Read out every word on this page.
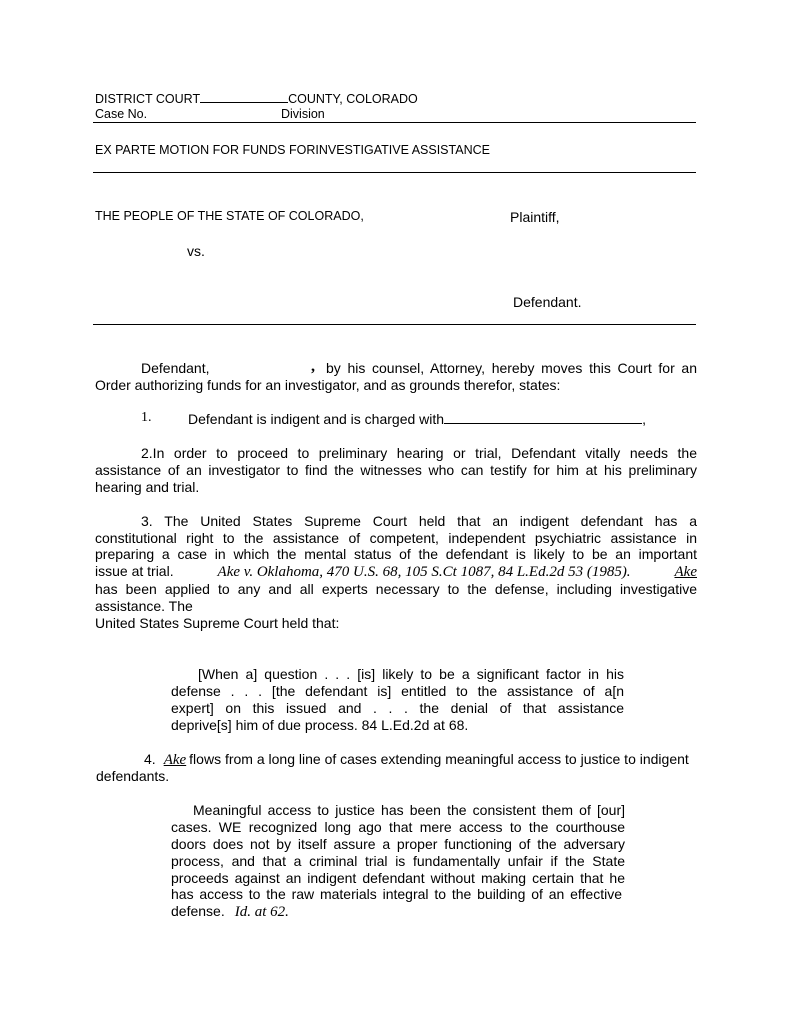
DISTRICT COURT	COUNTY, COLORADO
Case No.	Division
EX PARTE MOTION FOR FUNDS FORINVESTIGATIVE ASSISTANCE
THE PEOPLE OF THE STATE OF COLORADO,	Plaintiff,
vs.
Defendant.
Defendant,	, by his counsel, Attorney, hereby moves this Court for an
Order authorizing funds for an investigator, and as grounds therefor, states:
1.	Defendant is indigent and is charged with	,
2.In order to proceed to preliminary hearing or trial, Defendant vitally needs the
assistance of an investigator to find the witnesses who can testify for him at his preliminary
hearing and trial.
3. The United States Supreme Court held that an indigent defendant has a
constitutional right to the assistance of competent, independent psychiatric assistance in
preparing a case in which the mental status of the defendant is likely to be an important
issue at trial.	Ake v. Oklahoma, 470 U.S. 68, 105 S.Ct 1087, 84 L.Ed.2d 53 (1985).	Ake
has been applied to any and all experts necessary to the defense, including investigative
assistance. The
United States Supreme Court held that:
[When a] question . . . [is] likely to be a significant factor in his
defense . . . [the defendant is] entitled to the assistance of a[n
expert] on this issued and . . . the denial of that assistance
deprive[s] him of due process. 84 L.Ed.2d at 68.
4. Ake flows from a long line of cases extending meaningful access to justice to indigent
defendants.
Meaningful access to justice has been the consistent them of [our]
cases. WE recognized long ago that mere access to the courthouse
doors does not by itself assure a proper functioning of the adversary
process, and that a criminal trial is fundamentally unfair if the State
proceeds against an indigent defendant without making certain that he
has access to the raw materials integral to the building of an effective
defense. Id. at 62.
